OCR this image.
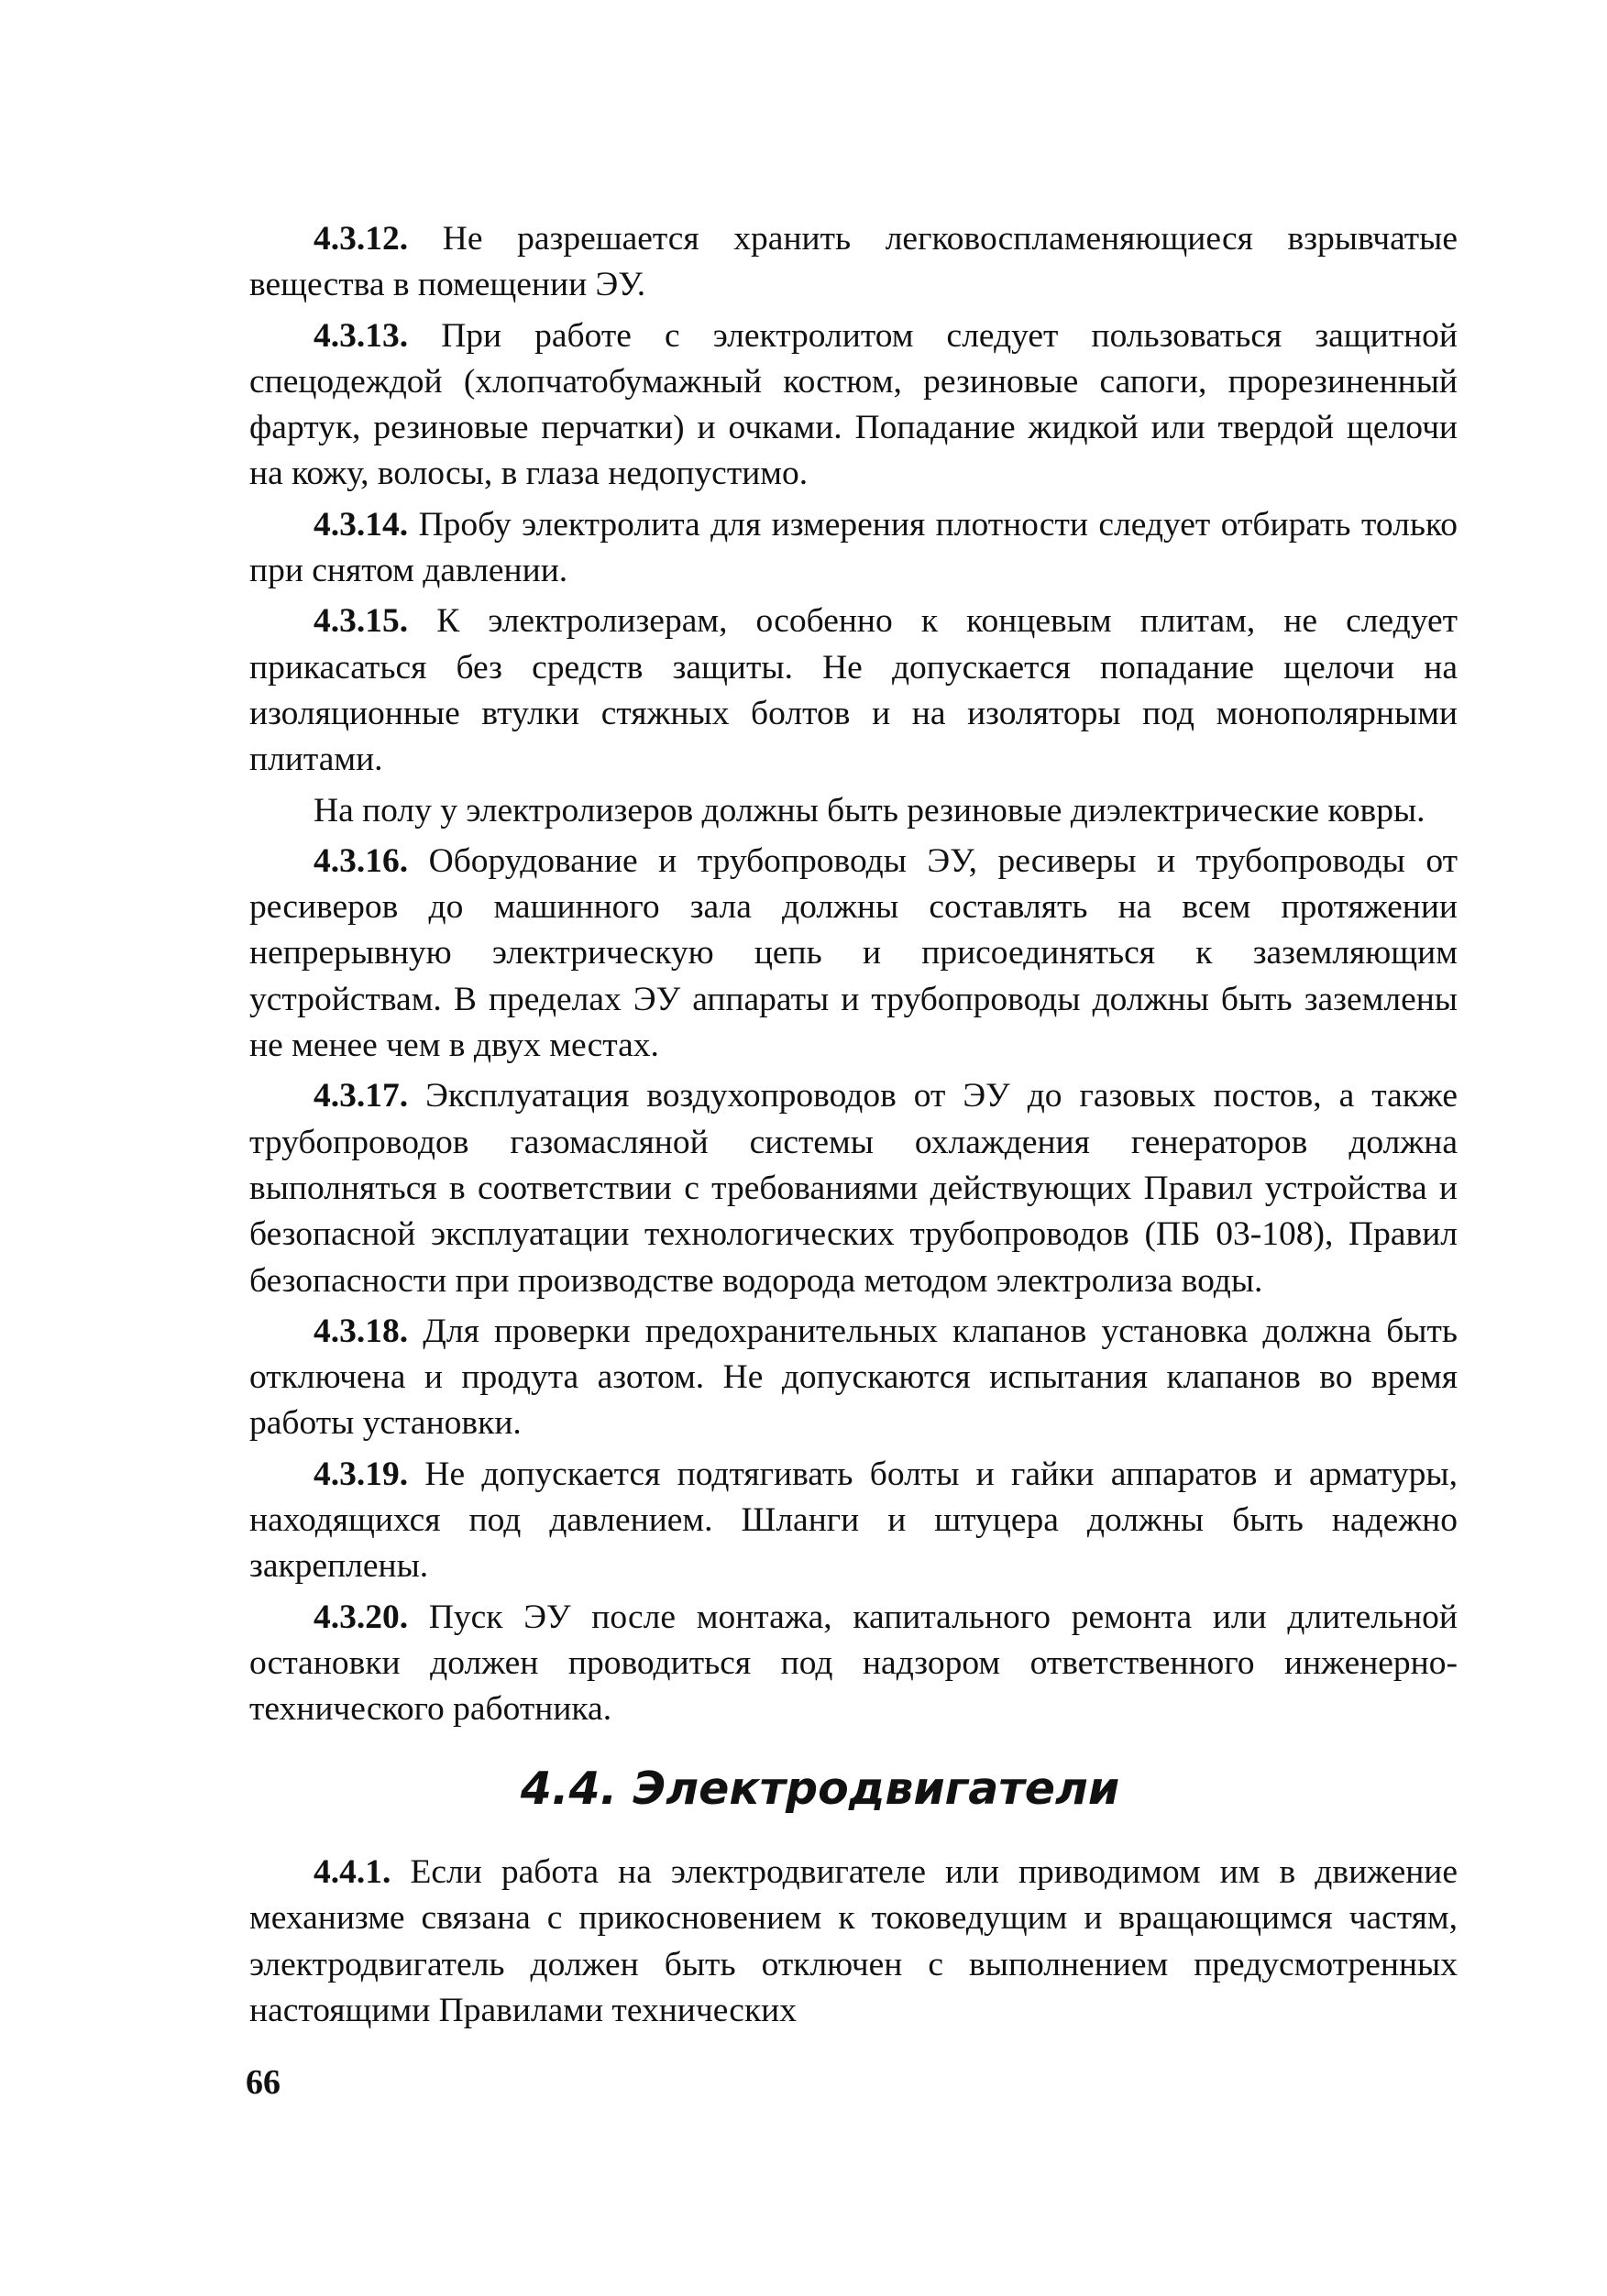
4.3.12. Не разрешается хранить легковоспламеняющиеся взрывчатые вещества в помещении ЭУ.

4.3.13. При работе с электролитом следует пользоваться защитной спецодеждой (хлопчатобумажный костюм, резиновые сапоги, прорезиненный фартук, резиновые перчатки) и очками. Попадание жидкой или твердой щелочи на кожу, волосы, в глаза недопустимо.

4.3.14. Пробу электролита для измерения плотности следует отбирать только при снятом давлении.

4.3.15. К электролизерам, особенно к концевым плитам, не следует прикасаться без средств защиты. Не допускается попадание щелочи на изоляционные втулки стяжных болтов и на изоляторы под монополярными плитами.

На полу у электролизеров должны быть резиновые диэлектрические ковры.

4.3.16. Оборудование и трубопроводы ЭУ, ресиверы и трубопроводы от ресиверов до машинного зала должны составлять на всем протяжении непрерывную электрическую цепь и присоединяться к заземляющим устройствам. В пределах ЭУ аппараты и трубопроводы должны быть заземлены не менее чем в двух местах.

4.3.17. Эксплуатация воздухопроводов от ЭУ до газовых постов, а также трубопроводов газомасляной системы охлаждения генераторов должна выполняться в соответствии с требованиями действующих Правил устройства и безопасной эксплуатации технологических трубопроводов (ПБ 03-108), Правил безопасности при производстве водорода методом электролиза воды.

4.3.18. Для проверки предохранительных клапанов установка должна быть отключена и продута азотом. Не допускаются испытания клапанов во время работы установки.

4.3.19. Не допускается подтягивать болты и гайки аппаратов и арматуры, находящихся под давлением. Шланги и штуцера должны быть надежно закреплены.

4.3.20. Пуск ЭУ после монтажа, капитального ремонта или длительной остановки должен проводиться под надзором ответственного инженерно-технического работника.

4.4. Электродвигатели

4.4.1. Если работа на электродвигателе или приводимом им в движение механизме связана с прикосновением к токоведущим и вращающимся частям, электродвигатель должен быть отключен с выполнением предусмотренных настоящими Правилами технических

66
